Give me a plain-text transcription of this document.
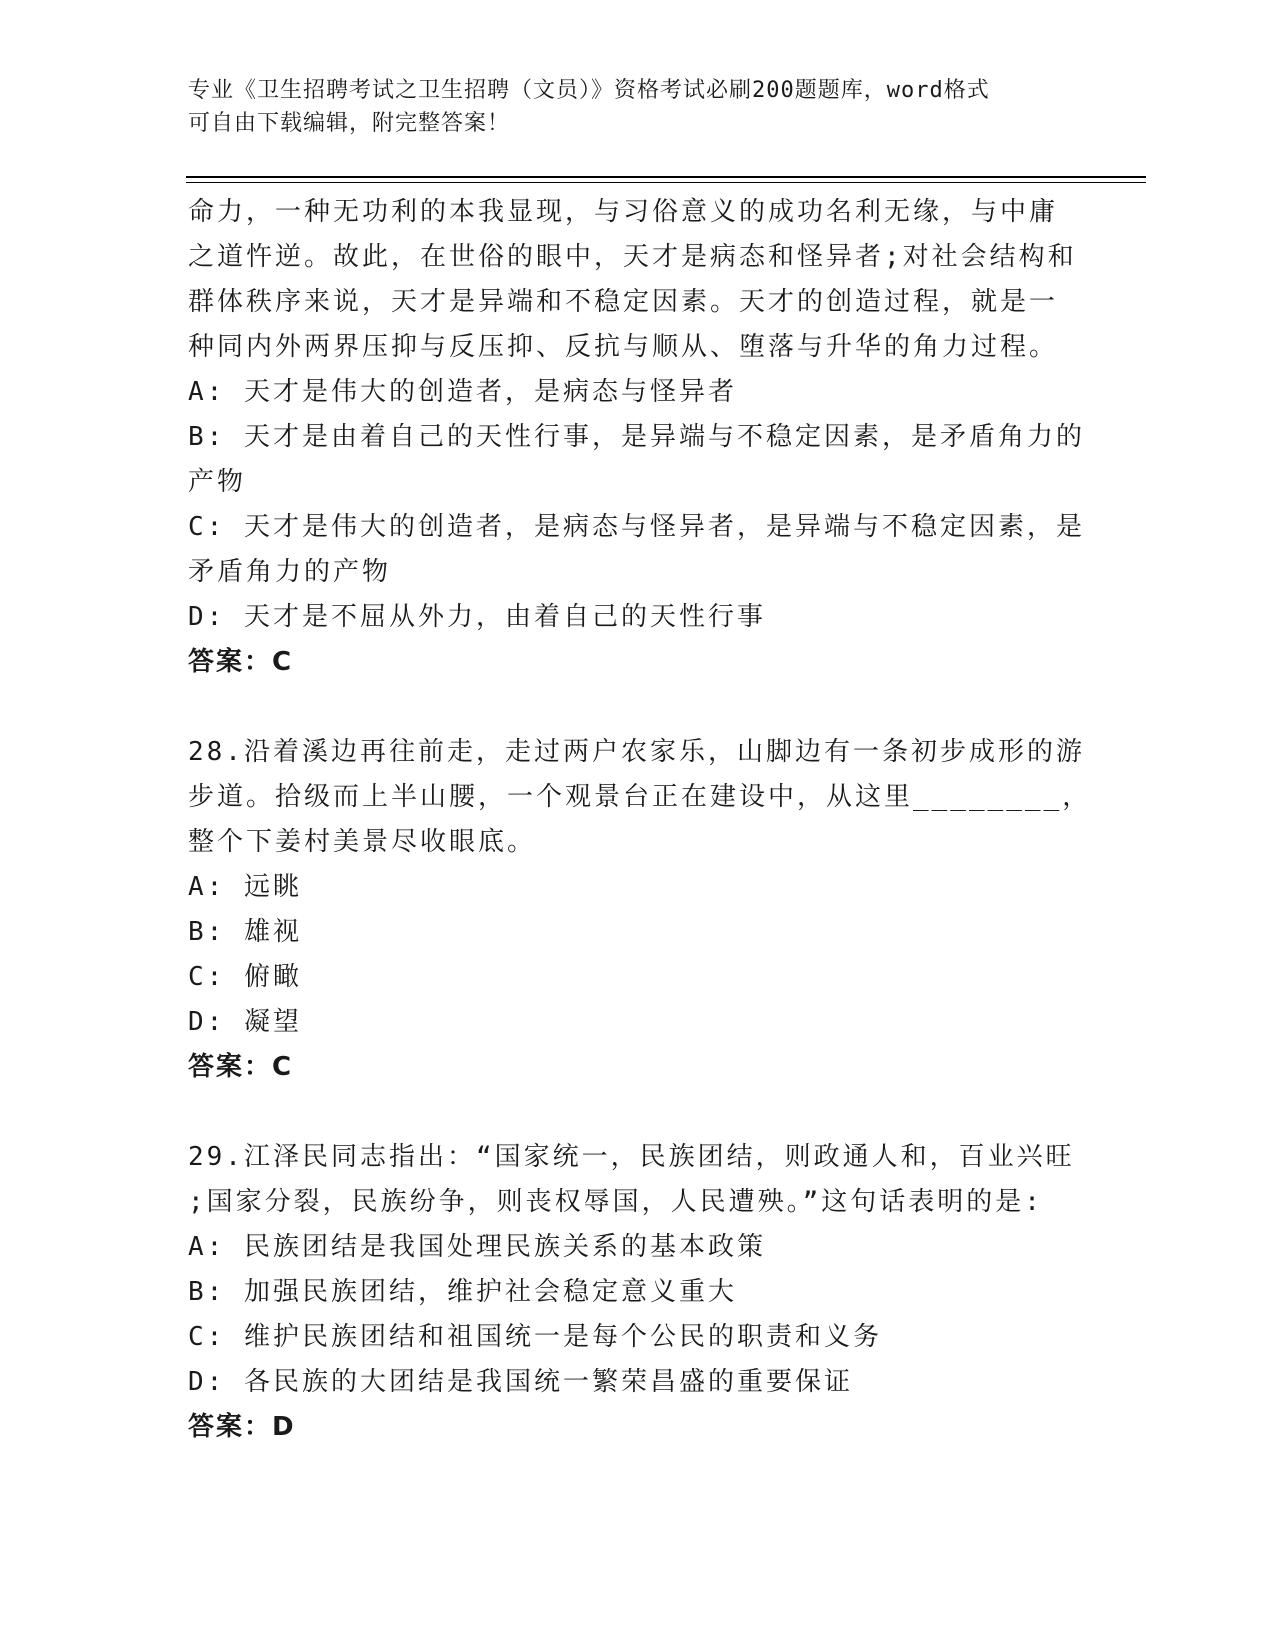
专业《卫生招聘考试之卫生招聘（文员）》资格考试必刷200题题库，word格式
可自由下载编辑，附完整答案！
命力，一种无功利的本我显现，与习俗意义的成功名利无缘，与中庸
之道忤逆。故此，在世俗的眼中，天才是病态和怪异者;对社会结构和
群体秩序来说，天才是异端和不稳定因素。天才的创造过程，就是一
种同内外两界压抑与反压抑、反抗与顺从、堕落与升华的角力过程。
A: 天才是伟大的创造者，是病态与怪异者
B: 天才是由着自己的天性行事，是异端与不稳定因素，是矛盾角力的
产物
C: 天才是伟大的创造者，是病态与怪异者，是异端与不稳定因素，是
矛盾角力的产物
D: 天才是不屈从外力，由着自己的天性行事
答案：C
28.沿着溪边再往前走，走过两户农家乐，山脚边有一条初步成形的游
步道。拾级而上半山腰，一个观景台正在建设中，从这里________，
整个下姜村美景尽收眼底。
A: 远眺
B: 雄视
C: 俯瞰
D: 凝望
答案：C
29.江泽民同志指出：“国家统一，民族团结，则政通人和，百业兴旺
;国家分裂，民族纷争，则丧权辱国，人民遭殃。”这句话表明的是:
A: 民族团结是我国处理民族关系的基本政策
B: 加强民族团结，维护社会稳定意义重大
C: 维护民族团结和祖国统一是每个公民的职责和义务
D: 各民族的大团结是我国统一繁荣昌盛的重要保证
答案：D
